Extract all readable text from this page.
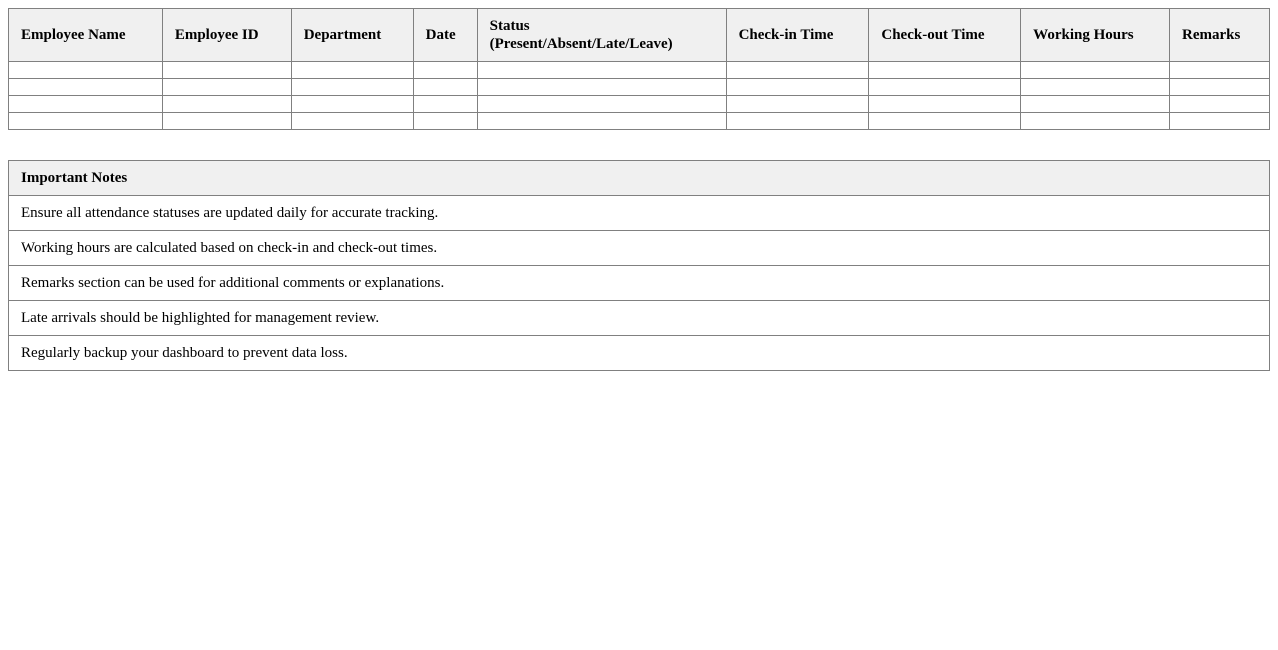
Employee Name	Employee ID	Department	Date	Status (Present/Absent/Late/Leave)	Check-in Time	Check-out Time	Working Hours	Remarks

Important Notes
Ensure all attendance statuses are updated daily for accurate tracking.
Working hours are calculated based on check-in and check-out times.
Remarks section can be used for additional comments or explanations.
Late arrivals should be highlighted for management review.
Regularly backup your dashboard to prevent data loss.
